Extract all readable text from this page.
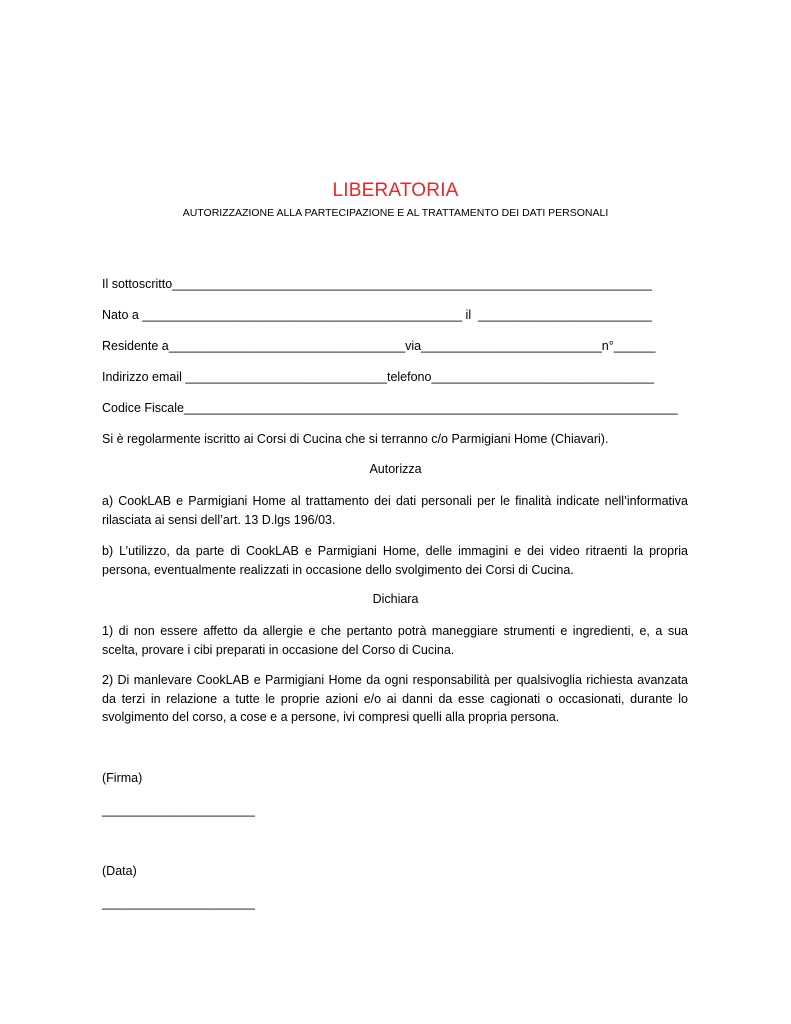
LIBERATORIA
AUTORIZZAZIONE ALLA PARTECIPAZIONE E AL TRATTAMENTO DEI DATI PERSONALI
Il sottoscritto_____________________________________________________________________
Nato a ______________________________________________ il  _________________________
Residente a__________________________________via__________________________n°______
Indirizzo email _____________________________telefono________________________________
Codice Fiscale_______________________________________________________________________
Si è regolarmente iscritto ai Corsi di Cucina che si terranno c/o Parmigiani Home (Chiavari).
Autorizza
a) CookLAB e Parmigiani Home al trattamento dei dati personali per le finalità indicate nell’informativa rilasciata ai sensi dell’art. 13 D.lgs 196/03.
b) L’utilizzo, da parte di CookLAB e Parmigiani Home, delle immagini e dei video ritraenti la propria persona, eventualmente realizzati in occasione dello svolgimento dei Corsi di Cucina.
Dichiara
1) di non essere affetto da allergie e che pertanto potrà maneggiare strumenti e ingredienti, e, a sua scelta, provare i cibi preparati in occasione del Corso di Cucina.
2) Di manlevare CookLAB e Parmigiani Home da ogni responsabilità per qualsivoglia richiesta avanzata da terzi in relazione a tutte le proprie azioni e/o ai danni da esse cagionati o occasionati, durante lo svolgimento del corso, a cose e a persone, ivi compresi quelli alla propria persona.
(Firma)
______________________
(Data)
______________________
